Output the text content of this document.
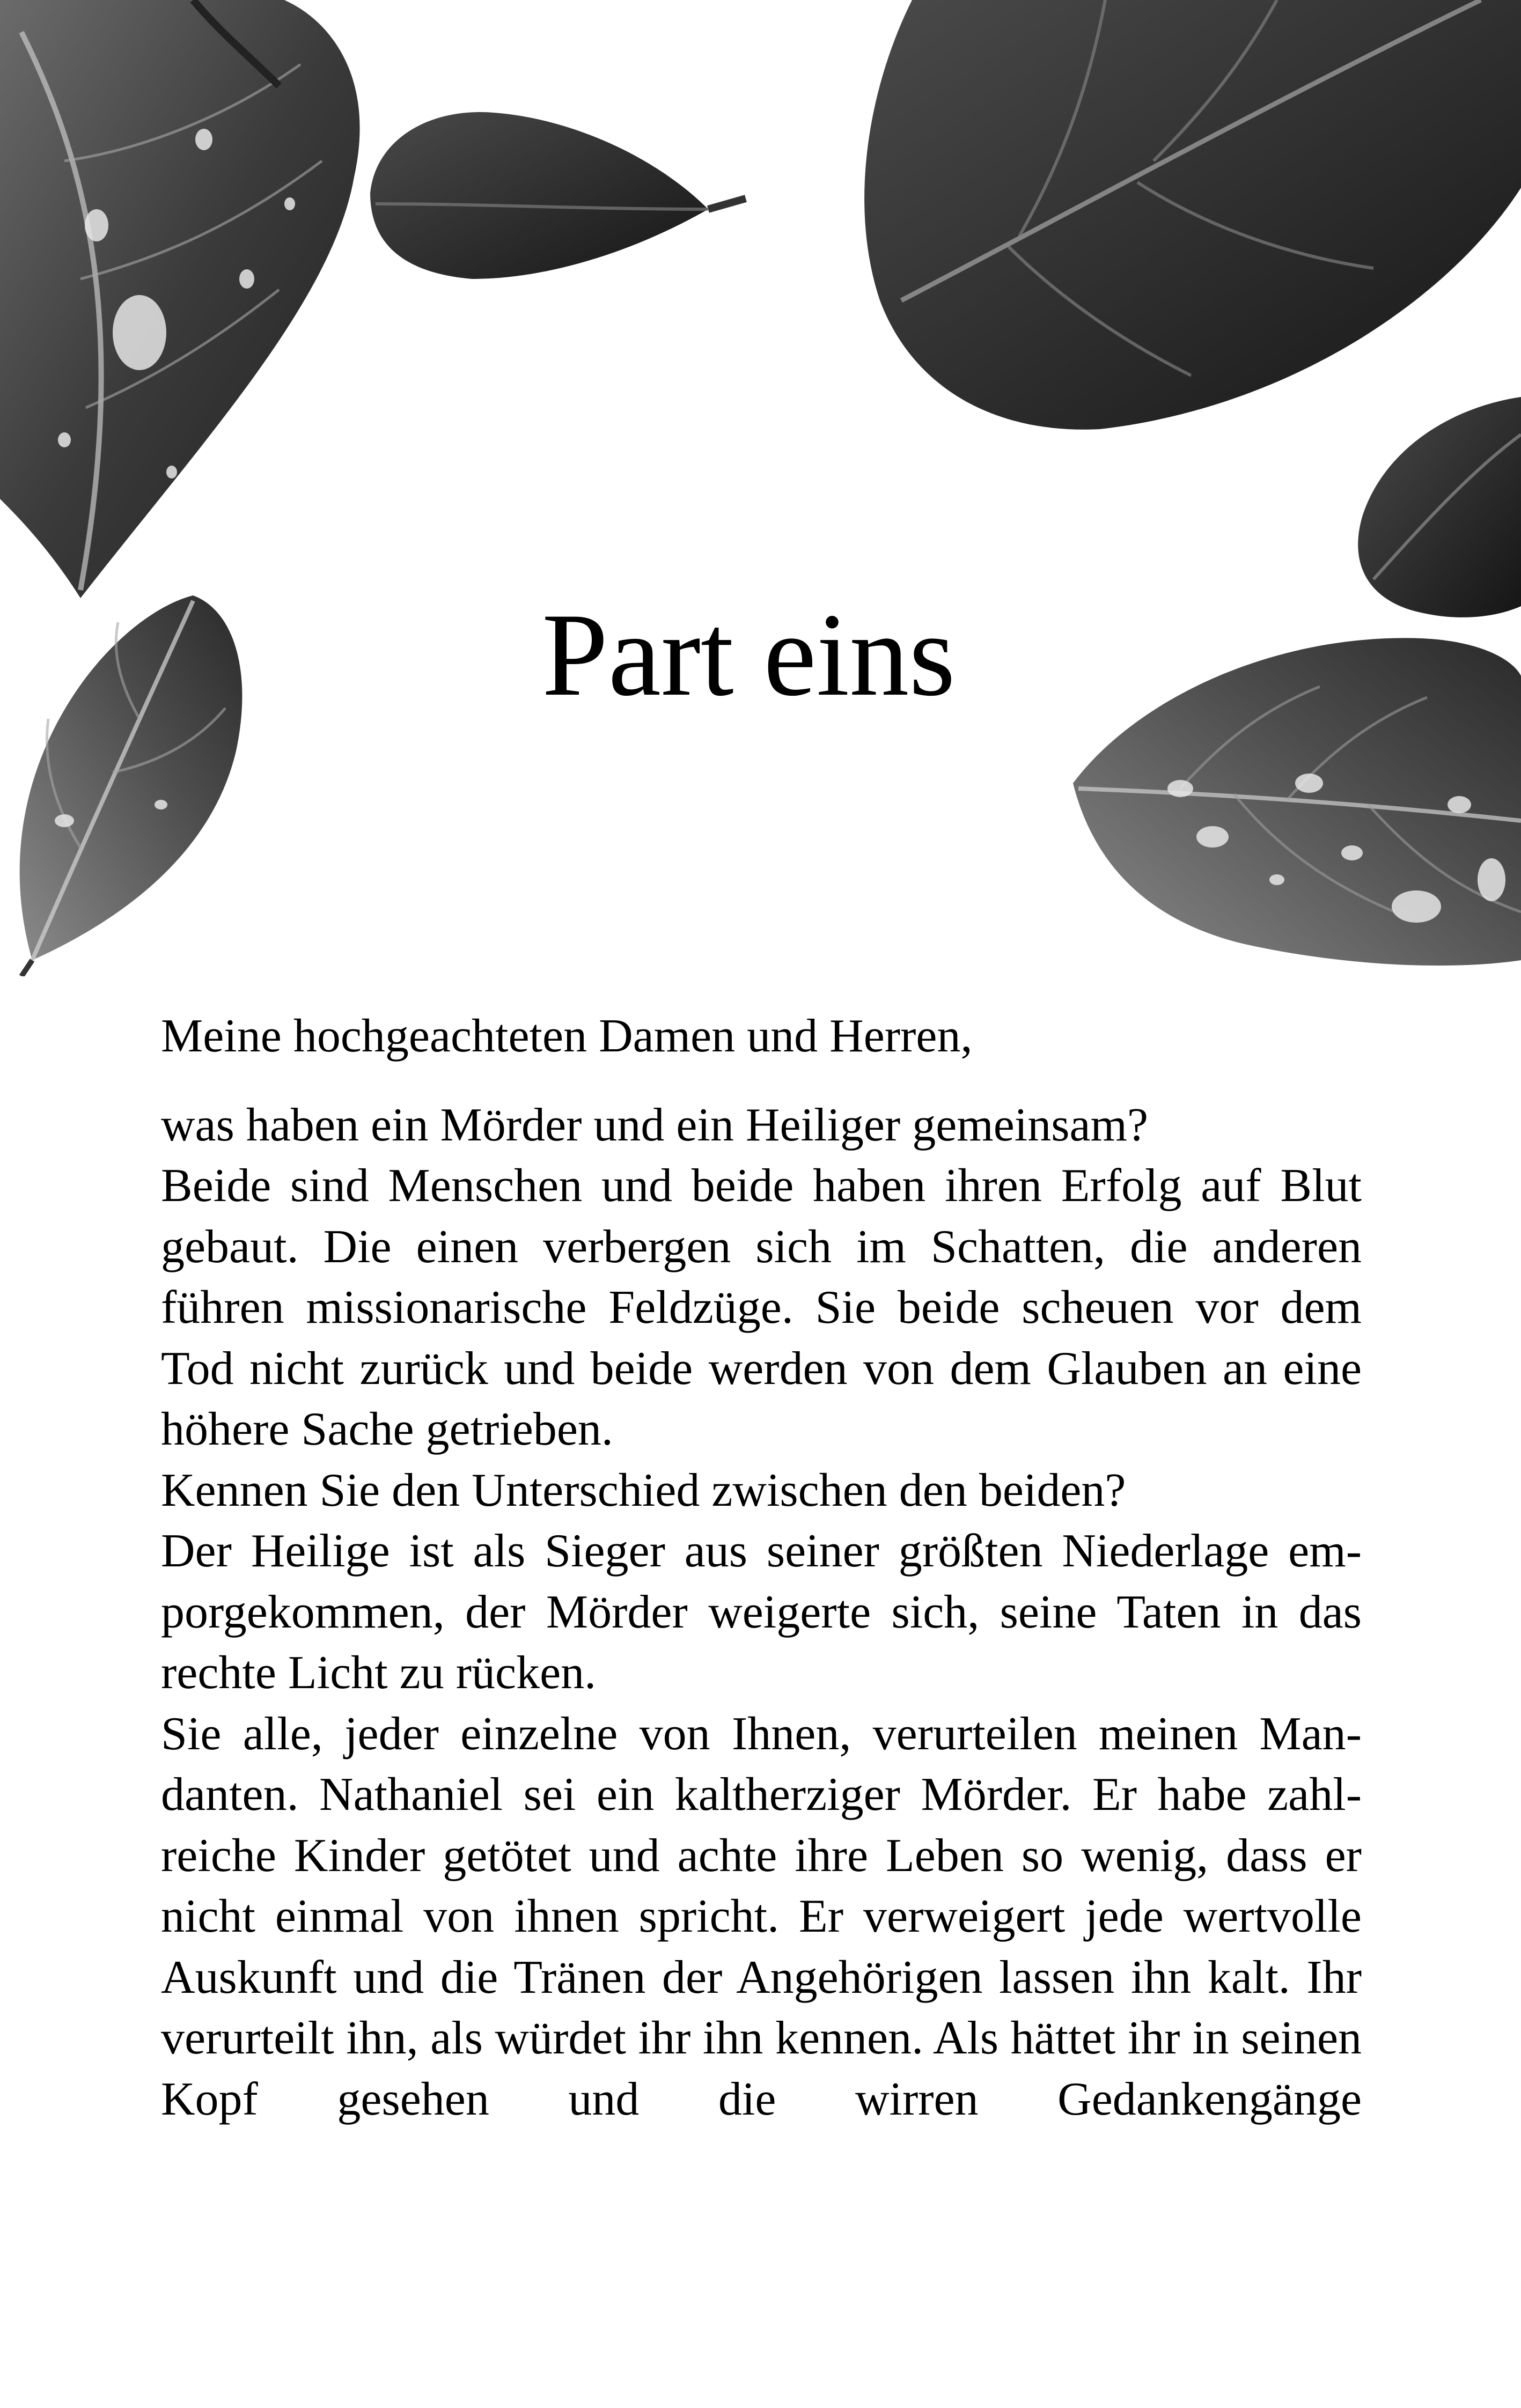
Part eins

Meine hochgeachteten Damen und Herren,

was haben ein Mörder und ein Heiliger gemeinsam?

Beide sind Menschen und beide haben ihren Erfolg auf Blut gebaut. Die einen verbergen sich im Schatten, die anderen führen missionarische Feldzüge. Sie beide scheuen vor dem Tod nicht zurück und beide werden von dem Glauben an eine höhere Sache getrieben.

Kennen Sie den Unterschied zwischen den beiden?

Der Heilige ist als Sieger aus seiner größten Niederlage emporgekommen, der Mörder weigerte sich, seine Taten in das rechte Licht zu rücken.

Sie alle, jeder einzelne von Ihnen, verurteilen meinen Mandanten. Nathaniel sei ein kaltherziger Mörder. Er habe zahlreiche Kinder getötet und achte ihre Leben so wenig, dass er nicht einmal von ihnen spricht. Er verweigert jede wertvolle Auskunft und die Tränen der Angehörigen lassen ihn kalt. Ihr verurteilt ihn, als würdet ihr ihn kennen. Als hättet ihr in seinen Kopf gesehen und die wirren Gedankengänge
